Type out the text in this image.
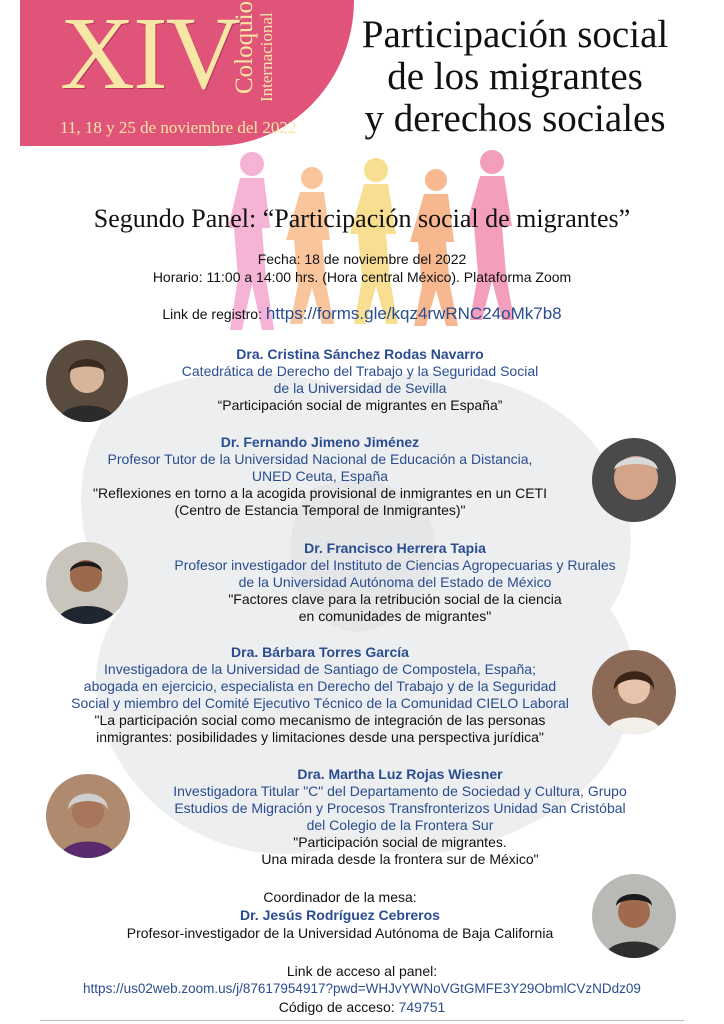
XIV
Coloquio Internacional
11, 18 y 25 de noviembre del 2022
Participación social
de los migrantes
y derechos sociales
Segundo Panel: “Participación social de migrantes”
Fecha: 18 de noviembre del 2022
Horario: 11:00 a 14:00 hrs. (Hora central México). Plataforma Zoom
Link de registro: https://forms.gle/kqz4rwRNC24oMk7b8
Dra. Cristina Sánchez Rodas Navarro
Catedrática de Derecho del Trabajo y la Seguridad Social
de la Universidad de Sevilla
“Participación social de migrantes en España”
Dr. Fernando Jimeno Jiménez
Profesor Tutor de la Universidad Nacional de Educación a Distancia,
UNED Ceuta, España
"Reflexiones en torno a la acogida provisional de inmigrantes en un CETI
(Centro de Estancia Temporal de Inmigrantes)"
Dr. Francisco Herrera Tapia
Profesor investigador del Instituto de Ciencias Agropecuarias y Rurales
de la Universidad Autónoma del Estado de México
"Factores clave para la retribución social de la ciencia
en comunidades de migrantes"
Dra. Bárbara Torres García
Investigadora de la Universidad de Santiago de Compostela, España;
abogada en ejercicio, especialista en Derecho del Trabajo y de la Seguridad
Social y miembro del Comité Ejecutivo Técnico de la Comunidad CIELO Laboral
"La participación social como mecanismo de integración de las personas
inmigrantes: posibilidades y limitaciones desde una perspectiva jurídica"
Dra. Martha Luz Rojas Wiesner
Investigadora Titular "C" del Departamento de Sociedad y Cultura, Grupo
Estudios de Migración y Procesos Transfronterizos Unidad San Cristóbal
del Colegio de la Frontera Sur
"Participación social de migrantes.
Una mirada desde la frontera sur de México"
Coordinador de la mesa:
Dr. Jesús Rodríguez Cebreros
Profesor-investigador de la Universidad Autónoma de Baja California
Link de acceso al panel:
https://us02web.zoom.us/j/87617954917?pwd=WHJvYWNoVGtGMFE3Y29ObmlCVzNDdz09
Código de acceso: 749751
